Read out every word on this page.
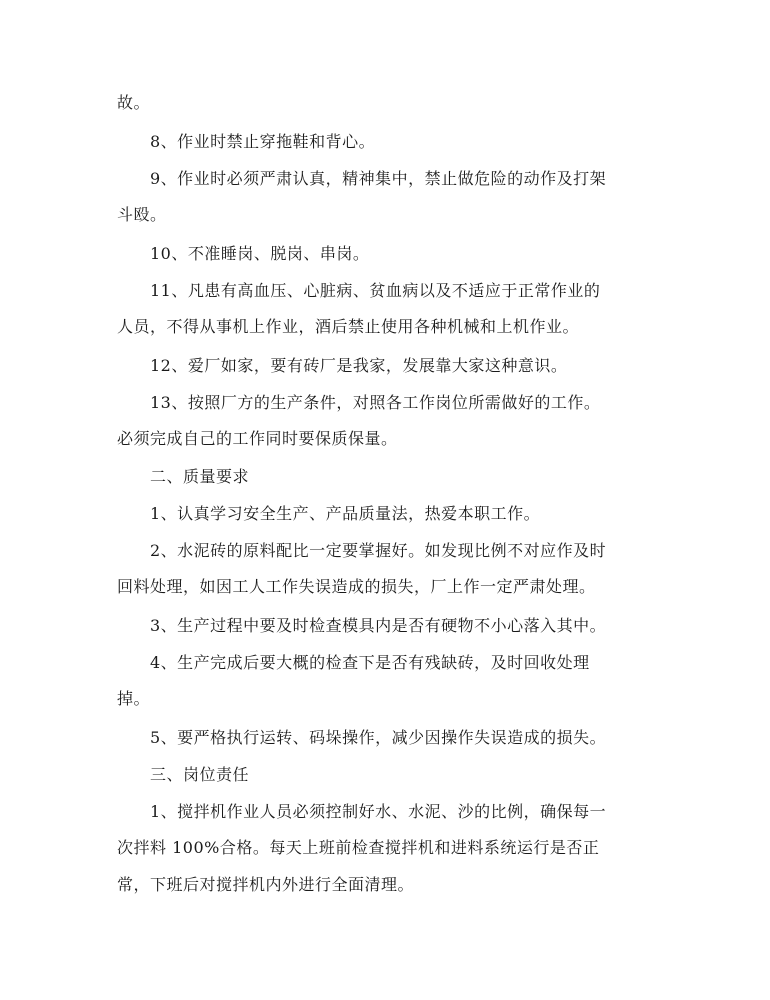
故。
8、作业时禁止穿拖鞋和背心。
9、作业时必须严肃认真，精神集中，禁止做危险的动作及打架
斗殴。
10、不准睡岗、脱岗、串岗。
11、凡患有高血压、心脏病、贫血病以及不适应于正常作业的
人员，不得从事机上作业，酒后禁止使用各种机械和上机作业。
12、爱厂如家，要有砖厂是我家，发展靠大家这种意识。
13、按照厂方的生产条件，对照各工作岗位所需做好的工作。
必须完成自己的工作同时要保质保量。
二、质量要求
1、认真学习安全生产、产品质量法，热爱本职工作。
2、水泥砖的原料配比一定要掌握好。如发现比例不对应作及时
回料处理，如因工人工作失误造成的损失，厂上作一定严肃处理。
3、生产过程中要及时检查模具内是否有硬物不小心落入其中。
4、生产完成后要大概的检查下是否有残缺砖，及时回收处理
掉。
5、要严格执行运转、码垛操作，减少因操作失误造成的损失。
三、岗位责任
1、搅拌机作业人员必须控制好水、水泥、沙的比例，确保每一
次拌料 100%合格。每天上班前检查搅拌机和进料系统运行是否正
常，下班后对搅拌机内外进行全面清理。
